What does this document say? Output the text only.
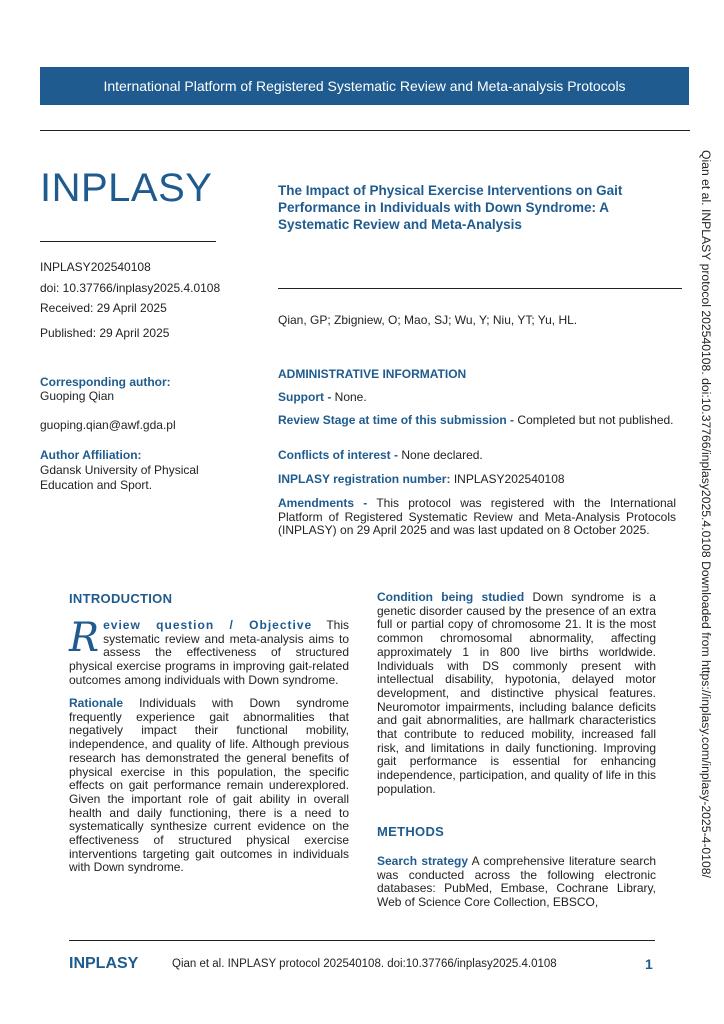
International Platform of Registered Systematic Review and Meta-analysis Protocols
INPLASY
INPLASY202540108
doi: 10.37766/inplasy2025.4.0108
Received: 29 April 2025
Published: 29 April 2025
Corresponding author:
Guoping Qian
guoping.qian@awf.gda.pl
Author Affiliation:
Gdansk University of Physical Education and Sport.
The Impact of Physical Exercise Interventions on Gait Performance in Individuals with Down Syndrome: A Systematic Review and Meta-Analysis
Qian, GP; Zbigniew, O; Mao, SJ; Wu, Y; Niu, YT; Yu, HL.
ADMINISTRATIVE INFORMATION
Support - None.
Review Stage at time of this submission - Completed but not published.
Conflicts of interest - None declared.
INPLASY registration number: INPLASY202540108
Amendments - This protocol was registered with the International Platform of Registered Systematic Review and Meta-Analysis Protocols (INPLASY) on 29 April 2025 and was last updated on 8 October 2025.
INTRODUCTION
Review question / Objective This systematic review and meta-analysis aims to assess the effectiveness of structured physical exercise programs in improving gait-related outcomes among individuals with Down syndrome.
Rationale Individuals with Down syndrome frequently experience gait abnormalities that negatively impact their functional mobility, independence, and quality of life. Although previous research has demonstrated the general benefits of physical exercise in this population, the specific effects on gait performance remain underexplored. Given the important role of gait ability in overall health and daily functioning, there is a need to systematically synthesize current evidence on the effectiveness of structured physical exercise interventions targeting gait outcomes in individuals with Down syndrome.
Condition being studied Down syndrome is a genetic disorder caused by the presence of an extra full or partial copy of chromosome 21. It is the most common chromosomal abnormality, affecting approximately 1 in 800 live births worldwide. Individuals with DS commonly present with intellectual disability, hypotonia, delayed motor development, and distinctive physical features. Neuromotor impairments, including balance deficits and gait abnormalities, are hallmark characteristics that contribute to reduced mobility, increased fall risk, and limitations in daily functioning. Improving gait performance is essential for enhancing independence, participation, and quality of life in this population.
METHODS
Search strategy A comprehensive literature search was conducted across the following electronic databases: PubMed, Embase, Cochrane Library, Web of Science Core Collection, EBSCO,
Qian et al. INPLASY protocol 202540108. doi:10.37766/inplasy2025.4.0108 Downloaded from https://inplasy.com/inplasy-2025-4-0108/
INPLASY	Qian et al. INPLASY protocol 202540108. doi:10.37766/inplasy2025.4.0108	1
